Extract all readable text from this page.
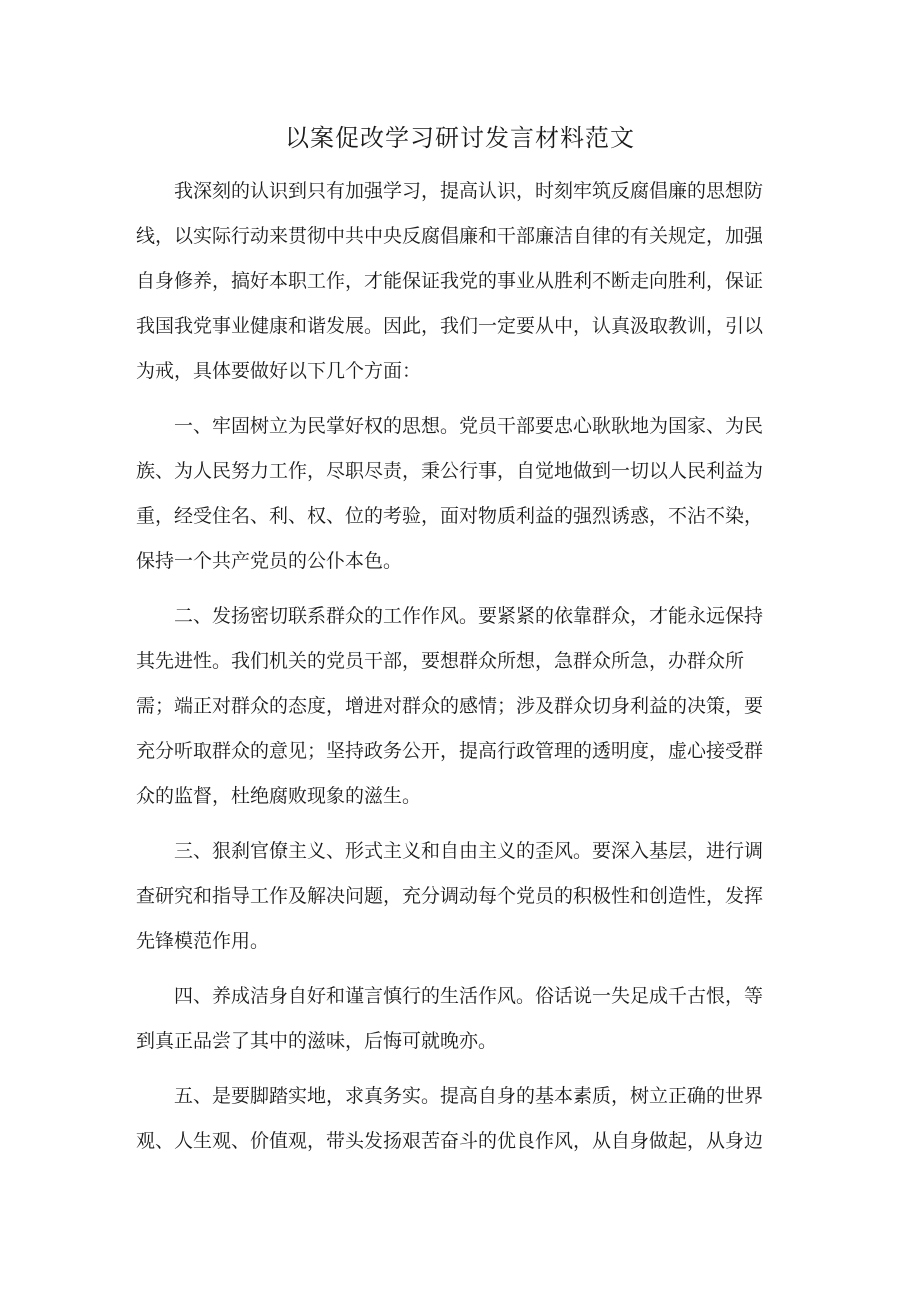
以案促改学习研讨发言材料范文

我深刻的认识到只有加强学习，提高认识，时刻牢筑反腐倡廉的思想防线，以实际行动来贯彻中共中央反腐倡廉和干部廉洁自律的有关规定，加强自身修养，搞好本职工作，才能保证我党的事业从胜利不断走向胜利，保证我国我党事业健康和谐发展。因此，我们一定要从中，认真汲取教训，引以为戒，具体要做好以下几个方面：

一、牢固树立为民掌好权的思想。党员干部要忠心耿耿地为国家、为民族、为人民努力工作，尽职尽责，秉公行事，自觉地做到一切以人民利益为重，经受住名、利、权、位的考验，面对物质利益的强烈诱惑，不沾不染，保持一个共产党员的公仆本色。

二、发扬密切联系群众的工作作风。要紧紧的依靠群众，才能永远保持其先进性。我们机关的党员干部，要想群众所想，急群众所急，办群众所需；端正对群众的态度，增进对群众的感情；涉及群众切身利益的决策，要充分听取群众的意见；坚持政务公开，提高行政管理的透明度，虚心接受群众的监督，杜绝腐败现象的滋生。

三、狠刹官僚主义、形式主义和自由主义的歪风。要深入基层，进行调查研究和指导工作及解决问题，充分调动每个党员的积极性和创造性，发挥先锋模范作用。

四、养成洁身自好和谨言慎行的生活作风。俗话说一失足成千古恨，等到真正品尝了其中的滋味，后悔可就晚亦。

五、是要脚踏实地，求真务实。提高自身的基本素质，树立正确的世界观、人生观、价值观，带头发扬艰苦奋斗的优良作风，从自身做起，从身边
